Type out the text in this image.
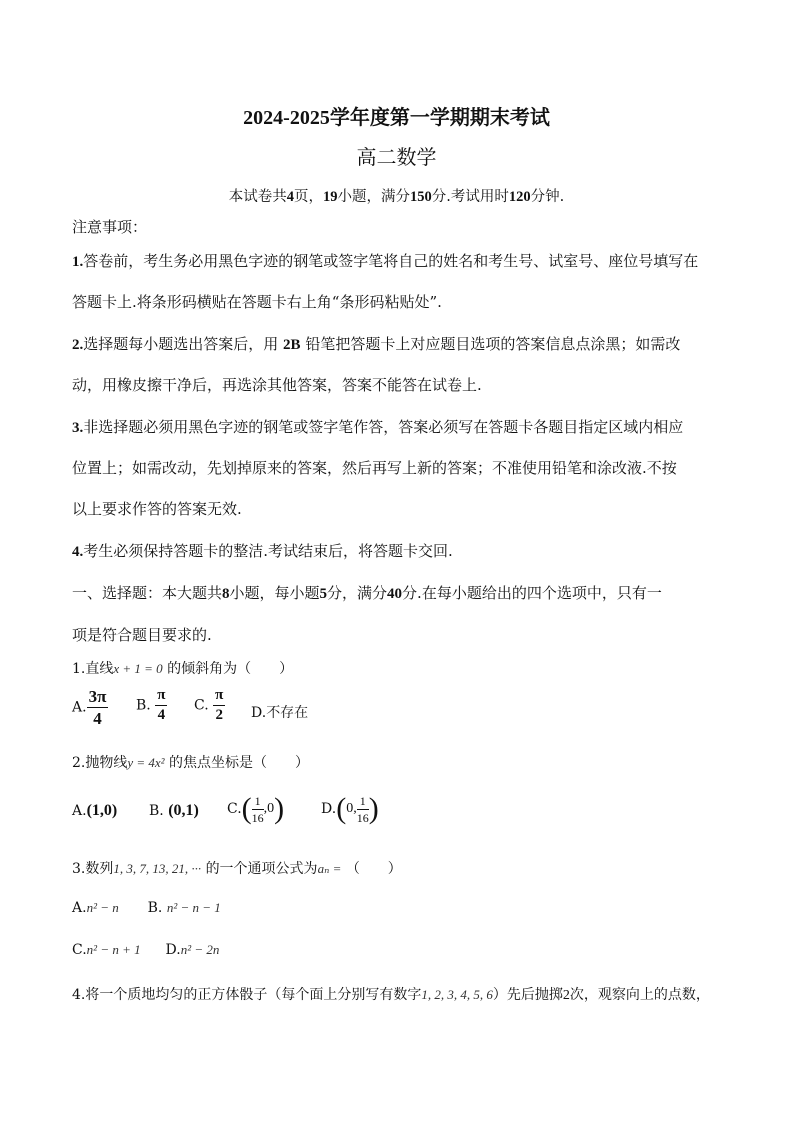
2024-2025学年度第一学期期末考试
高二数学
本试卷共4页，19小题，满分150分.考试用时120分钟.
注意事项：
1.答卷前，考生务必用黑色字迹的钢笔或签字笔将自己的姓名和考生号、试室号、座位号填写在
答题卡上.将条形码横贴在答题卡右上角“条形码粘贴处”.
2.选择题每小题选出答案后，用 2B 铅笔把答题卡上对应题目选项的答案信息点涂黑；如需改
动，用橡皮擦干净后，再选涂其他答案，答案不能答在试卷上.
3.非选择题必须用黑色字迹的钢笔或签字笔作答，答案必须写在答题卡各题目指定区域内相应
位置上；如需改动，先划掉原来的答案，然后再写上新的答案；不准使用铅笔和涂改液.不按
以上要求作答的答案无效.
4.考生必须保持答题卡的整洁.考试结束后，将答题卡交回.
一、选择题：本大题共8小题，每小题5分，满分40分.在每小题给出的四个选项中，只有一
项是符合题目要求的.
1.直线x + 1 = 0 的倾斜角为（　　）
A. $\frac{3\pi}{4} B$. $\frac{\pi}{4} C$. $\frac{\pi}{2} D$.不存在
2.抛物线y = 4x² 的焦点坐标是（　　）
A.(1,0) B. (0,1) $C.( \frac{1}{16} ,0)$	D.(0, $\frac{1}{16}$ )
3.数列1, 3, 7, 13, 21, ··· 的一个通项公式为aₙ = （　　）
A.n² − n B. n² − n − 1
C.n² − n + 1 D.n² − 2n
4.将一个质地均匀的正方体骰子（每个面上分别写有数字1, 2, 3, 4, 5, 6）先后抛掷2次，观察向上的点数，
